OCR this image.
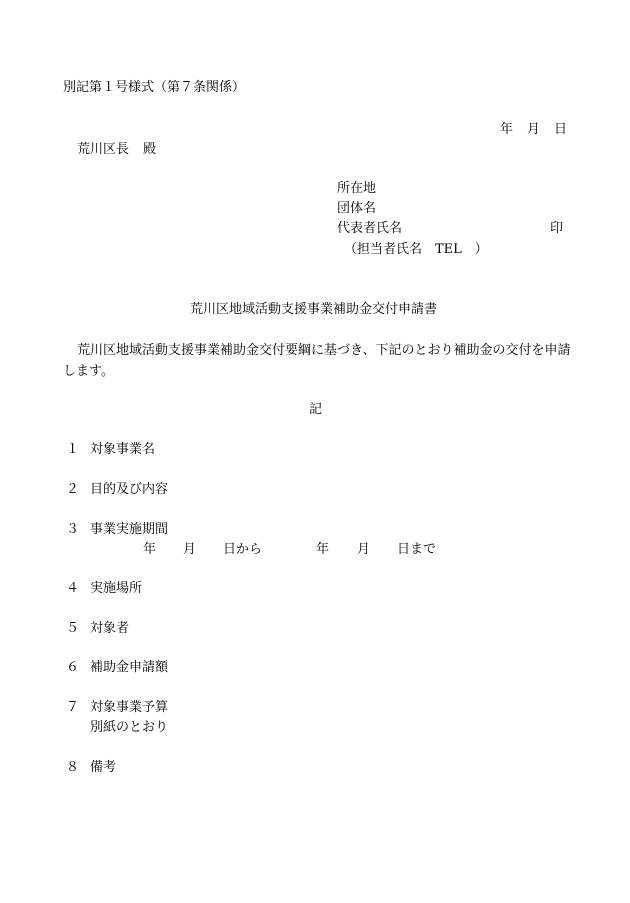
別記第１号様式（第７条関係）
年 月 日
荒川区長 殿
所在地
団体名
代表者氏名	印
（担当者氏名　TEL　）
荒川区地域活動支援事業補助金交付申請書
荒川区地域活動支援事業補助金交付要綱に基づき、下記のとおり補助金の交付を申請します。
記
１ 対象事業名
２ 目的及び内容
３ 事業実施期間
年 月 日から	年 月 日まで
４ 実施場所
５ 対象者
６ 補助金申請額
７ 対象事業予算
別紙のとおり
８ 備考
